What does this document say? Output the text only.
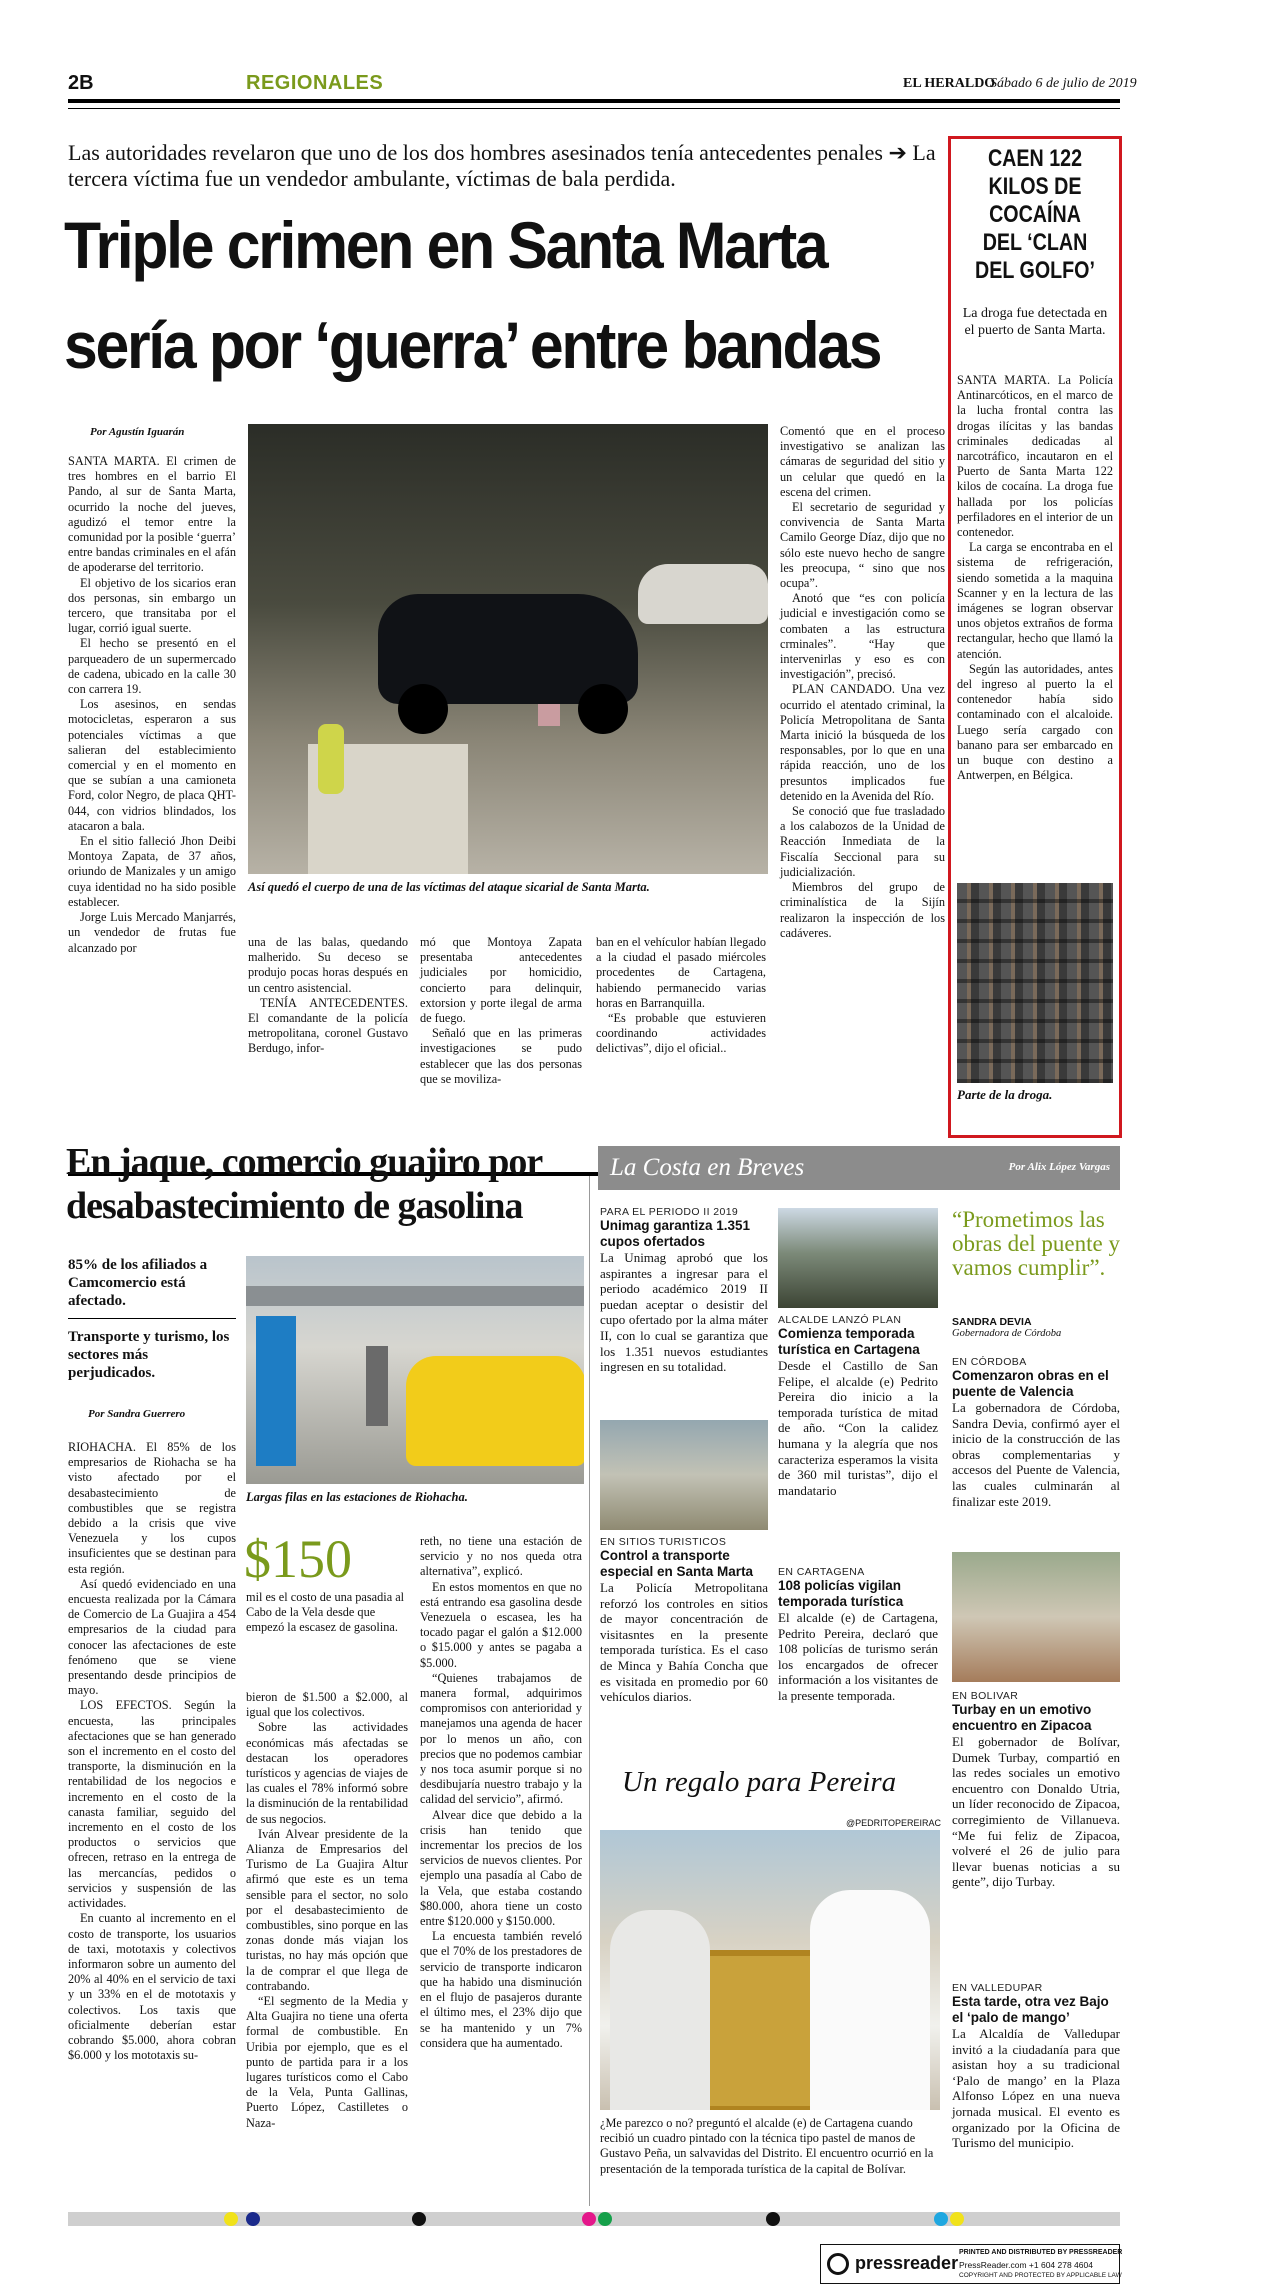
2B	REGIONALES	EL HERALDO
Sábado 6 de julio de 2019
Las autoridades revelaron que uno de los dos hombres asesinados tenía antecedentes penales ➔ La tercera víctima fue un vendedor ambulante, víctimas de bala perdida.
Triple crimen en Santa Marta
sería por ‘guerra’ entre bandas
Por Agustín Iguarán

SANTA MARTA. El crimen de tres hombres en el barrio El Pando, al sur de Santa Marta, ocurrido la noche del jueves, agudizó el temor entre la comunidad por la posible ‘guerra’ entre bandas criminales en el afán de apoderarse del territorio.

El objetivo de los sicarios eran dos personas, sin embargo un tercero, que transitaba por el lugar, corrió igual suerte.

El hecho se presentó en el parqueadero de un supermercado de cadena, ubicado en la calle 30 con carrera 19.

Los asesinos, en sendas motocicletas, esperaron a sus potenciales víctimas a que salieran del establecimiento comercial y en el momento en que se subían a una camioneta Ford, color Negro, de placa QHT-044, con vidrios blindados, los atacaron a bala.

En el sitio falleció Jhon Deibi Montoya Zapata, de 37 años, oriundo de Manizales y un amigo cuya identidad no ha sido posible establecer.

Jorge Luis Mercado Manjarrés, un vendedor de frutas fue alcanzado por

Así quedó el cuerpo de una de las víctimas del ataque sicarial de Santa Marta.

una de las balas, quedando malherido. Su deceso se produjo pocas horas después en un centro asistencial.

TENÍA ANTECEDENTES. El comandante de la policía metropolitana, coronel Gustavo Berdugo, infor-

mó que Montoya Zapata presentaba antecedentes judiciales por homicidio, concierto para delinquir, extorsion y porte ilegal de arma de fuego.

Señaló que en las primeras investigaciones se pudo establecer que las dos personas que se moviliza-

ban en el vehículor habían llegado a la ciudad el pasado miércoles procedentes de Cartagena, habiendo permanecido varias horas en Barranquilla.

“Es probable que estuvieren coordinando actividades delictivas”, dijo el oficial..

Comentó que en el proceso investigativo se analizan las cámaras de seguridad del sitio y un celular que quedó en la escena del crimen.

El secretario de seguridad y convivencia de Santa Marta Camilo George Díaz, dijo que no sólo este nuevo hecho de sangre les preocupa, “ sino que nos ocupa”.

Anotó que “es con policía judicial e investigación como se combaten a las estructura crminales”. “Hay que intervenirlas y eso es con investigación”, precisó.

PLAN CANDADO. Una vez ocurrido el atentado criminal, la Policía Metropolitana de Santa Marta inició la búsqueda de los responsables, por lo que en una rápida reacción, uno de los presuntos implicados fue detenido en la Avenida del Río.

Se conoció que fue trasladado a los calabozos de la Unidad de Reacción Inmediata de la Fiscalía Seccional para su judicialización.

Miembros del grupo de criminalística de la Sijín realizaron la inspección de los cadáveres.

CAEN 122 KILOS DE COCAÍNA DEL ‘CLAN DEL GOLFO’
La droga fue detectada en el puerto de Santa Marta.

SANTA MARTA. La Policía Antinarcóticos, en el marco de la lucha frontal contra las drogas ilícitas y las bandas criminales dedicadas al narcotráfico, incautaron en el Puerto de Santa Marta 122 kilos de cocaína. La droga fue hallada por los policías perfiladores en el interior de un contenedor.

La carga se encontraba en el sistema de refrigeración, siendo sometida a la maquina Scanner y en la lectura de las imágenes se logran observar unos objetos extraños de forma rectangular, hecho que llamó la atención.

Según las autoridades, antes del ingreso al puerto la el contenedor había sido contaminado con el alcaloide. Luego sería cargado con banano para ser embarcado en un buque con destino a Antwerpen, en Bélgica.

Parte de la droga.
En jaque, comercio guajiro por desabastecimiento de gasolina
85% de los afiliados a Camcomercio está afectado.
Transporte y turismo, los sectores más perjudicados.
Por Sandra Guerrero
Largas filas en las estaciones de Riohacha.
$150
mil es el costo de una pasadia al Cabo de la Vela desde que empezó la escasez de gasolina.

RIOHACHA. El 85% de los empresarios de Riohacha se ha visto afectado por el desabastecimiento de combustibles que se registra debido a la crisis que vive Venezuela y los cupos insuficientes que se destinan para esta región.

Así quedó evidenciado en una encuesta realizada por la Cámara de Comercio de La Guajira a 454 empresarios de la ciudad para conocer las afectaciones de este fenómeno que se viene presentando desde principios de mayo.

LOS EFECTOS. Según la encuesta, las principales afectaciones que se han generado son el incremento en el costo del transporte, la disminución en la rentabilidad de los negocios e incremento en el costo de la canasta familiar, seguido del incremento en el costo de los productos o servicios que ofrecen, retraso en la entrega de las mercancías, pedidos o servicios y suspensión de las actividades.

En cuanto al incremento en el costo de transporte, los usuarios de taxi, mototaxis y colectivos informaron sobre un aumento del 20% al 40% en el servicio de taxi y un 33% en el de mototaxis y colectivos. Los taxis que oficialmente deberían estar cobrando $5.000, ahora cobran $6.000 y los mototaxis su-

bieron de $1.500 a $2.000, al igual que los colectivos.

Sobre las actividades económicas más afectadas se destacan los operadores turísticos y agencias de viajes de las cuales el 78% informó sobre la disminución de la rentabilidad de sus negocios.

Iván Alvear presidente de la Alianza de Empresarios del Turismo de La Guajira Altur afirmó que este es un tema sensible para el sector, no solo por el desabastecimiento de combustibles, sino porque en las zonas donde más viajan los turistas, no hay más opción que la de comprar el que llega de contrabando.

“El segmento de la Media y Alta Guajira no tiene una oferta formal de combustible. En Uribia por ejemplo, que es el punto de partida para ir a los lugares turísticos como el Cabo de la Vela, Punta Gallinas, Puerto López, Castilletes o Naza-

reth, no tiene una estación de servicio y no nos queda otra alternativa”, explicó.

En estos momentos en que no está entrando esa gasolina desde Venezuela o escasea, les ha tocado pagar el galón a $12.000 o $15.000 y antes se pagaba a $5.000.

“Quienes trabajamos de manera formal, adquirimos compromisos con anterioridad y manejamos una agenda de hacer por lo menos un año, con precios que no podemos cambiar y nos toca asumir porque si no desdibujaría nuestro trabajo y la calidad del servicio”, afirmó.

Alvear dice que debido a la crisis han tenido que incrementar los precios de los servicios de nuevos clientes. Por ejemplo una pasadía al Cabo de la Vela, que estaba costando $80.000, ahora tiene un costo entre $120.000 y $150.000.

La encuesta también reveló que el 70% de los prestadores de servicio de transporte indicaron que ha habido una disminución en el flujo de pasajeros durante el último mes, el 23% dijo que se ha mantenido y un 7% considera que ha aumentado.

La Costa en Breves	Por Alix López Vargas
PARA EL PERIODO II 2019
Unimag garantiza 1.351 cupos ofertados
La Unimag aprobó que los aspirantes a ingresar para el periodo académico 2019 II puedan aceptar o desistir del cupo ofertado por la alma máter II, con lo cual se garantiza que los 1.351 nuevos estudiantes ingresen en su totalidad.
ALCALDE LANZÓ PLAN
Comienza temporada turística en Cartagena
Desde el Castillo de San Felipe, el alcalde (e) Pedrito Pereira dio inicio a la temporada turística de mitad de año. “Con la calidez humana y la alegría que nos caracteriza esperamos la visita de 360 mil turistas”, dijo el mandatario
EN SITIOS TURISTICOS
Control a transporte especial en Santa Marta
La Policía Metropolitana reforzó los controles en sitios de mayor concentración de visitasntes en la presente temporada turística. Es el caso de Minca y Bahía Concha que es visitada en promedio por 60 vehículos diarios.
EN CARTAGENA
108 policías vigilan temporada turística
El alcalde (e) de Cartagena, Pedrito Pereira, declaró que 108 policías de turismo serán los encargados de ofrecer información a los visitantes de la presente temporada.
“Prometimos las obras del puente y vamos cumplir”.
SANDRA DEVIA
Gobernadora de Córdoba
EN CÓRDOBA
Comenzaron obras en el puente de Valencia
La gobernadora de Córdoba, Sandra Devia, confirmó ayer el inicio de la construcción de las obras complementarias y accesos del Puente de Valencia, las cuales culminarán al finalizar este 2019.
EN BOLIVAR
Turbay en un emotivo encuentro en Zipacoa
El gobernador de Bolívar, Dumek Turbay, compartió en las redes sociales un emotivo encuentro con Donaldo Utria, un líder reconocido de Zipacoa, corregimiento de Villanueva. “Me fui feliz de Zipacoa, volveré el 26 de julio para llevar buenas noticias a su gente”, dijo Turbay.
EN VALLEDUPAR
Esta tarde, otra vez Bajo el ‘palo de mango’
La Alcaldía de Valledupar invitó a la ciudadanía para que asistan hoy a su tradicional ‘Palo de mango’ en la Plaza Alfonso López en una nueva jornada musical. El evento es organizado por la Oficina de Turismo del municipio.
Un regalo para Pereira
@PEDRITOPEREIRAC
¿Me parezco o no? preguntó el alcalde (e) de Cartagena cuando recibió un cuadro pintado con la técnica tipo pastel de manos de Gustavo Peña, un salvavidas del Distrito. El encuentro ocurrió en la presentación de la temporada turística de la capital de Bolívar.
pressreader
PRINTED AND DISTRIBUTED BY PRESSREADER
PressReader.com +1 604 278 4604
COPYRIGHT AND PROTECTED BY APPLICABLE LAW
